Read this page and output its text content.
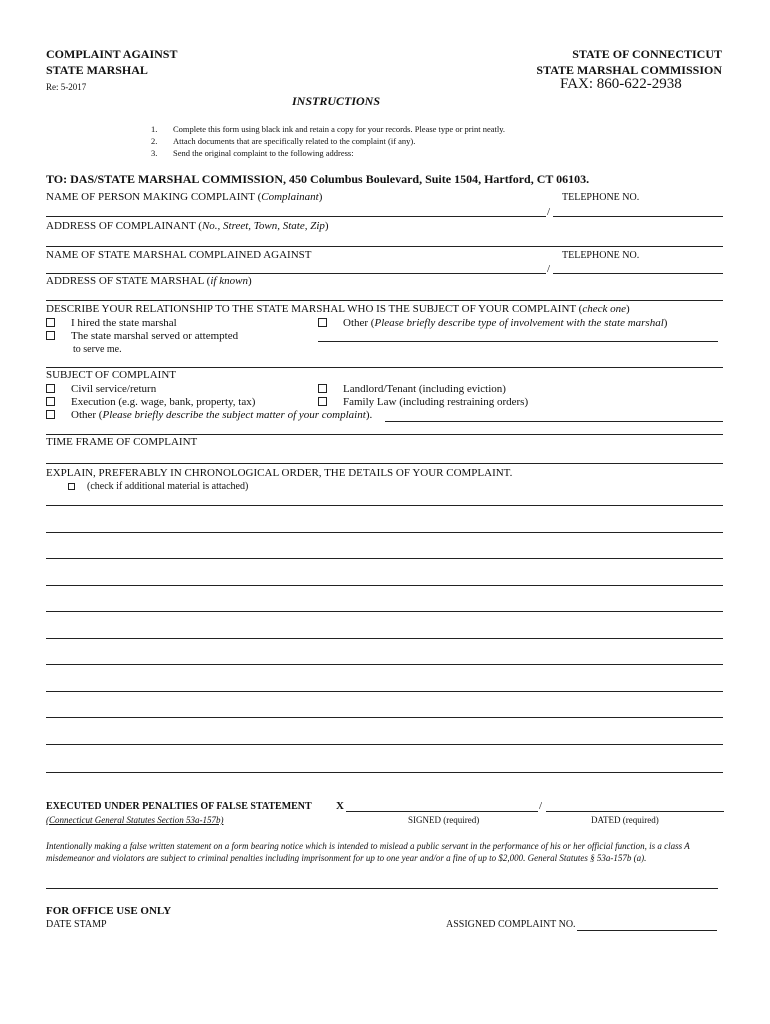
COMPLAINT AGAINST
STATE MARSHAL
Re: 5-2017
STATE OF CONNECTICUT
STATE MARSHAL COMMISSION
FAX: 860-622-2938
INSTRUCTIONS
1. Complete this form using black ink and retain a copy for your records. Please type or print neatly.
2. Attach documents that are specifically related to the complaint (if any).
3. Send the original complaint to the following address:
TO: DAS/STATE MARSHAL COMMISSION, 450 Columbus Boulevard, Suite 1504, Hartford, CT 06103.
NAME OF PERSON MAKING COMPLAINT (Complainant)	TELEPHONE NO.
/
ADDRESS OF COMPLAINANT (No., Street, Town, State, Zip)
NAME OF STATE MARSHAL COMPLAINED AGAINST	TELEPHONE NO.
/
ADDRESS OF STATE MARSHAL (if known)
DESCRIBE YOUR RELATIONSHIP TO THE STATE MARSHAL WHO IS THE SUBJECT OF YOUR COMPLAINT (check one)
I hired the state marshal
The state marshal served or attempted
to serve me.
Other (Please briefly describe type of involvement with the state marshal)
SUBJECT OF COMPLAINT
Civil service/return
Execution (e.g. wage, bank, property, tax)
Landlord/Tenant (including eviction)
Family Law (including restraining orders)
Other (Please briefly describe the subject matter of your complaint).
TIME FRAME OF COMPLAINT
EXPLAIN, PREFERABLY IN CHRONOLOGICAL ORDER, THE DETAILS OF YOUR COMPLAINT.
(check if additional material is attached)
EXECUTED UNDER PENALTIES OF FALSE STATEMENT
(Connecticut General Statutes Section 53a-157b)
X	/
SIGNED (required)	DATED (required)
Intentionally making a false written statement on a form bearing notice which is intended to mislead a public servant in the performance of his or her official function, is a class A misdemeanor and violators are subject to criminal penalties including imprisonment for up to one year and/or a fine of up to $2,000. General Statutes § 53a-157b (a).
FOR OFFICE USE ONLY
DATE STAMP	ASSIGNED COMPLAINT NO.
